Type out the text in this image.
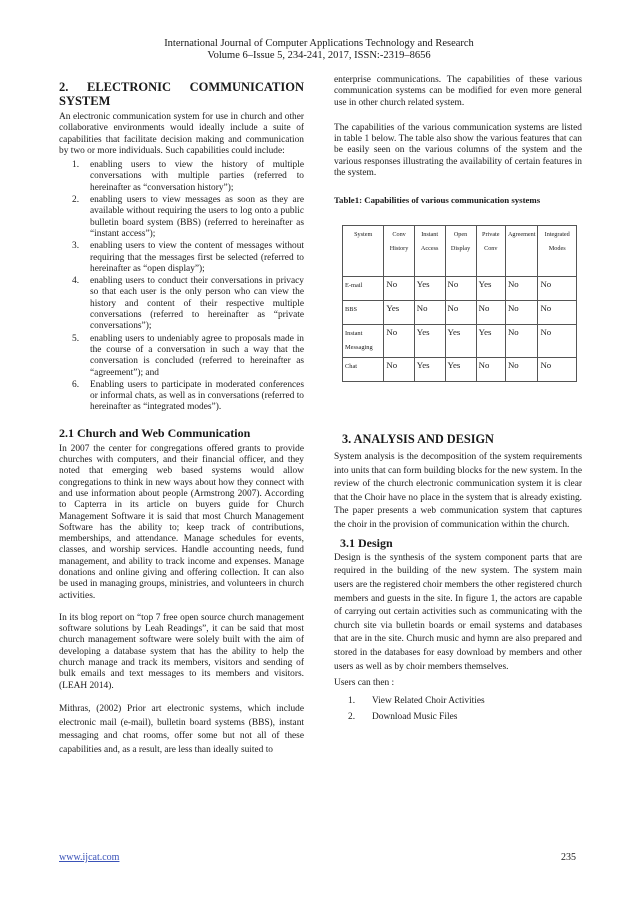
International Journal of Computer Applications Technology and Research
Volume 6–Issue 5, 234-241, 2017, ISSN:-2319–8656
2. ELECTRONIC COMMUNICATION
SYSTEM

An electronic communication system for use in church and other collaborative environments would ideally include a suite of capabilities that facilitate decision making and communication by two or more individuals. Such capabilities could include:

1.	enabling users to view the history of multiple conversations with multiple parties (referred to hereinafter as “conversation history”);
2.	enabling users to view messages as soon as they are available without requiring the users to log onto a public bulletin board system (BBS) (referred to hereinafter as “instant access”);
3.	enabling users to view the content of messages without requiring that the messages first be selected (referred to hereinafter as “open display”);
4.	enabling users to conduct their conversations in privacy so that each user is the only person who can view the history and content of their respective multiple conversations (referred to hereinafter as “private conversations”);
5.	enabling users to undeniably agree to proposals made in the course of a conversation in such a way that the conversation is concluded (referred to hereinafter as “agreement”); and
6.	Enabling users to participate in moderated conferences or informal chats, as well as in conversations (referred to hereinafter as “integrated modes”).
2.1 Church and Web Communication

In 2007 the center for congregations offered grants to provide churches with computers, and their financial officer, and they noted that emerging web based systems would allow congregations to think in new ways about how they connect with and use information about people (Armstrong 2007). According to Capterra in its article on buyers guide for Church Management Software it is said that most Church Management Software has the ability to; keep track of contributions, memberships, and attendance. Manage schedules for events, classes, and worship services. Handle accounting needs, fund management, and ability to track income and expenses. Manage donations and online giving and offering collection. It can also be used in managing groups, ministries, and volunteers in church activities.

In its blog report on “top 7 free open source church management software solutions by Leah Readings”, it can be said that most church management software were solely built with the aim of developing a database system that has the ability to help the church manage and track its members, visitors and sending of bulk emails and text messages to its members and visitors. (LEAH 2014).

Mithras, (2002) Prior art electronic systems, which include electronic mail (e-mail), bulletin board systems (BBS), instant messaging and chat rooms, offer some but not all of these capabilities and, as a result, are less than ideally suited to

enterprise communications. The capabilities of these various communication systems can be modified for even more general use in other church related system.

The capabilities of the various communication systems are listed in table 1 below. The table also show the various features that can be easily seen on the various columns of the system and the various responses illustrating the availability of certain features in the system.

Table1: Capabilities of various communication systems

System	Conv History	Instant Access	Open Display	Private Conv	Agreement	Integrated Modes
E-mail	No	Yes	No	Yes	No	No
BBS	Yes	No	No	No	No	No
Instant Messaging	No	Yes	Yes	Yes	No	No
Chat	No	Yes	Yes	No	No	No
3. ANALYSIS AND DESIGN

System analysis is the decomposition of the system requirements into units that can form building blocks for the new system. In the review of the church electronic communication system it is clear that the Choir have no place in the system that is already existing. The paper presents a web communication system that captures the choir in the provision of communication within the church.

3.1 Design

Design is the synthesis of the system component parts that are required in the building of the new system. The system main users are the registered choir members the other registered church members and guests in the site. In figure 1, the actors are capable of carrying out certain activities such as communicating with the church site via bulletin boards or email systems and databases that are in the site. Church music and hymn are also prepared and stored in the databases for easy download by members and other users as well as by choir members themselves.

Users can then :

1.	View Related Choir Activities
2.	Download Music Files
www.ijcat.com	235
